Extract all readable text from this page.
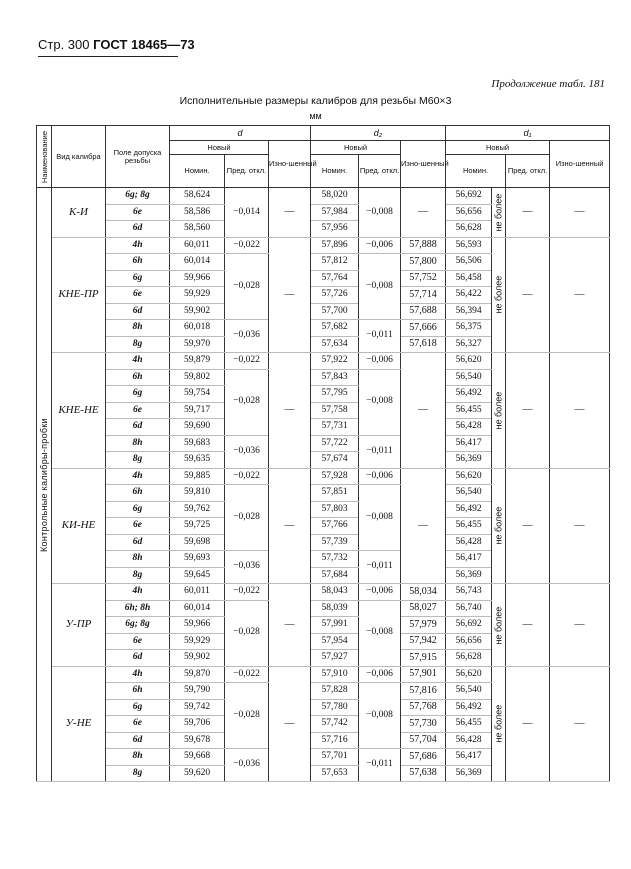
Стр. 300 ГОСТ 18465—73
Продолжение табл. 181
Исполнительные размеры калибров для резьбы М60×3
мм
Наименование	Вид калибра	Поле допуска резьбы	d			d₂			d₁			
			Новый		Изно-шенный	Новый		Изно-шенный	Новый			Изно-шенный
			Номин.	Пред. откл.		Номин.	Пред. откл.		Номин.		Пред. откл.	
Контрольные калибры-пробки	К-И	6g; 8g	58,624	−0,014	—	58,020	−0,008	—	56,692	не более	—	—
		6e	58,586			57,984			56,656			
		6d	58,560			57,956			56,628			
	КНЕ-ПР	4h	60,011	−0,022	—	57,896	−0,006	57,888	56,593	не более	—	—
		6h	60,014	−0,028		57,812	−0,008	57,800	56,506			
		6g	59,966			57,764		57,752	56,458			
		6e	59,929			57,726		57,714	56,422			
		6d	59,902			57,700		57,688	56,394			
		8h	60,018	−0,036		57,682	−0,011	57,666	56,375			
		8g	59,970			57,634		57,618	56,327			
	КНЕ-НЕ	4h	59,879	−0,022	—	57,922	−0,006	—	56,620	не более	—	—
		6h	59,802	−0,028		57,843	−0,008		56,540			
		6g	59,754			57,795			56,492			
		6e	59,717			57,758			56,455			
		6d	59,690			57,731			56,428			
		8h	59,683	−0,036		57,722	−0,011		56,417			
		8g	59,635			57,674			56,369			
	КИ-НЕ	4h	59,885	−0,022	—	57,928	−0,006	—	56,620	не более	—	—
		6h	59,810	−0,028		57,851	−0,008		56,540			
		6g	59,762			57,803			56,492			
		6e	59,725			57,766			56,455			
		6d	59,698			57,739			56,428			
		8h	59,693	−0,036		57,732	−0,011		56,417			
		8g	59,645			57,684			56,369			
	У-ПР	4h	60,011	−0,022	—	58,043	−0,006	58,034	56,743	не более	—	—
		6h; 8h	60,014	−0,028		58,039	−0,008	58,027	56,740			
		6g; 8g	59,966			57,991		57,979	56,692			
		6e	59,929			57,954		57,942	56,656			
		6d	59,902			57,927		57,915	56,628			
	У-НЕ	4h	59,870	−0,022	—	57,910	−0,006	57,901	56,620	не более	—	—
		6h	59,790	−0,028		57,828	−0,008	57,816	56,540			
		6g	59,742			57,780		57,768	56,492			
		6e	59,706			57,742		57,730	56,455			
		6d	59,678			57,716		57,704	56,428			
		8h	59,668	−0,036		57,701	−0,011	57,686	56,417			
		8g	59,620			57,653		57,638	56,369			
